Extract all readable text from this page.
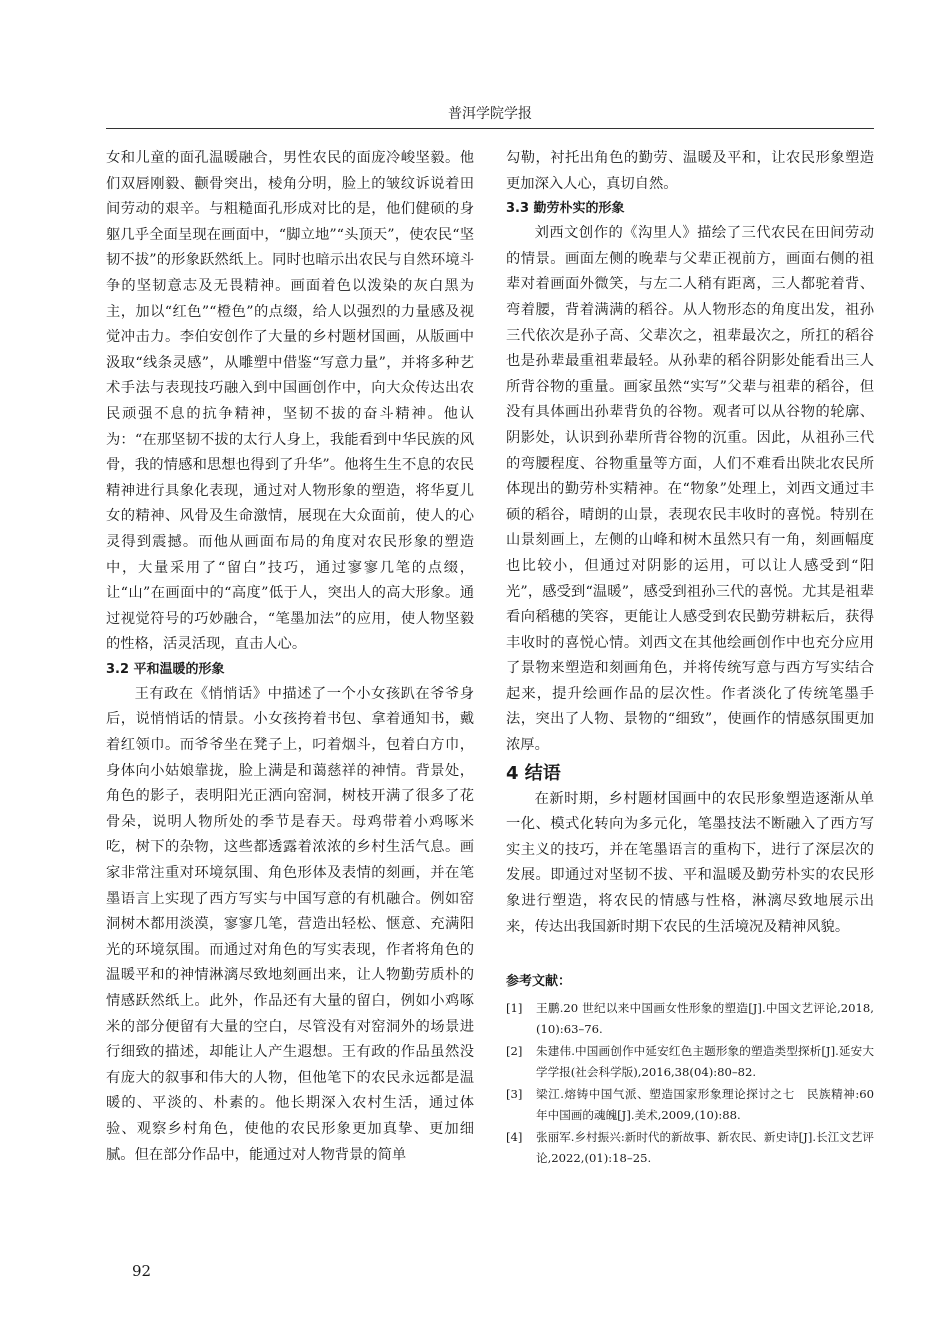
普洱学院学报

女和儿童的面孔温暖融合，男性农民的面庞冷峻坚毅。他们双唇刚毅、颧骨突出，棱角分明，脸上的皱纹诉说着田间劳动的艰辛。与粗糙面孔形成对比的是，他们健硕的身躯几乎全面呈现在画面中，“脚立地”“头顶天”，使农民“坚韧不拔”的形象跃然纸上。同时也暗示出农民与自然环境斗争的坚韧意志及无畏精神。画面着色以泼染的灰白黑为主，加以“红色”“橙色”的点缀，给人以强烈的力量感及视觉冲击力。李伯安创作了大量的乡村题材国画，从版画中汲取“线条灵感”，从雕塑中借鉴“写意力量”，并将多种艺术手法与表现技巧融入到中国画创作中，向大众传达出农民顽强不息的抗争精神，坚韧不拔的奋斗精神。他认为：“在那坚韧不拔的太行人身上，我能看到中华民族的风骨，我的情感和思想也得到了升华”。他将生生不息的农民精神进行具象化表现，通过对人物形象的塑造，将华夏儿女的精神、风骨及生命激情，展现在大众面前，使人的心灵得到震撼。而他从画面布局的角度对农民形象的塑造中，大量采用了“留白”技巧，通过寥寥几笔的点缀，让“山”在画面中的“高度”低于人，突出人的高大形象。通过视觉符号的巧妙融合，“笔墨加法”的应用，使人物坚毅的性格，活灵活现，直击人心。

3.2 平和温暖的形象

王有政在《悄悄话》中描述了一个小女孩趴在爷爷身后，说悄悄话的情景。小女孩挎着书包、拿着通知书，戴着红领巾。而爷爷坐在凳子上，叼着烟斗，包着白方巾，身体向小姑娘靠拢，脸上满是和蔼慈祥的神情。背景处，角色的影子，表明阳光正洒向窑洞，树枝开满了很多了花骨朵，说明人物所处的季节是春天。母鸡带着小鸡啄米吃，树下的杂物，这些都透露着浓浓的乡村生活气息。画家非常注重对环境氛围、角色形体及表情的刻画，并在笔墨语言上实现了西方写实与中国写意的有机融合。例如窑洞树木都用淡漠，寥寥几笔，营造出轻松、惬意、充满阳光的环境氛围。而通过对角色的写实表现，作者将角色的温暖平和的神情淋漓尽致地刻画出来，让人物勤劳质朴的情感跃然纸上。此外，作品还有大量的留白，例如小鸡啄米的部分便留有大量的空白，尽管没有对窑洞外的场景进行细致的描述，却能让人产生遐想。王有政的作品虽然没有庞大的叙事和伟大的人物，但他笔下的农民永远都是温暖的、平淡的、朴素的。他长期深入农村生活，通过体验、观察乡村角色，使他的农民形象更加真挚、更加细腻。但在部分作品中，能通过对人物背景的简单

勾勒，衬托出角色的勤劳、温暖及平和，让农民形象塑造更加深入人心，真切自然。

3.3 勤劳朴实的形象

刘西文创作的《沟里人》描绘了三代农民在田间劳动的情景。画面左侧的晚辈与父辈正视前方，画面右侧的祖辈对着画面外微笑，与左二人稍有距离，三人都驼着背、弯着腰，背着满满的稻谷。从人物形态的角度出发，祖孙三代依次是孙子高、父辈次之，祖辈最次之，所扛的稻谷也是孙辈最重祖辈最轻。从孙辈的稻谷阴影处能看出三人所背谷物的重量。画家虽然“实写”父辈与祖辈的稻谷，但没有具体画出孙辈背负的谷物。观者可以从谷物的轮廓、阴影处，认识到孙辈所背谷物的沉重。因此，从祖孙三代的弯腰程度、谷物重量等方面，人们不难看出陕北农民所体现出的勤劳朴实精神。在“物象”处理上，刘西文通过丰硕的稻谷，晴朗的山景，表现农民丰收时的喜悦。特别在山景刻画上，左侧的山峰和树木虽然只有一角，刻画幅度也比较小，但通过对阴影的运用，可以让人感受到“阳光”，感受到“温暖”，感受到祖孙三代的喜悦。尤其是祖辈看向稻穗的笑容，更能让人感受到农民勤劳耕耘后，获得丰收时的喜悦心情。刘西文在其他绘画创作中也充分应用了景物来塑造和刻画角色，并将传统写意与西方写实结合起来，提升绘画作品的层次性。作者淡化了传统笔墨手法，突出了人物、景物的“细致”，使画作的情感氛围更加浓厚。

4 结语

在新时期，乡村题材国画中的农民形象塑造逐渐从单一化、模式化转向为多元化，笔墨技法不断融入了西方写实主义的技巧，并在笔墨语言的重构下，进行了深层次的发展。即通过对坚韧不拔、平和温暖及勤劳朴实的农民形象进行塑造，将农民的情感与性格，淋漓尽致地展示出来，传达出我国新时期下农民的生活境况及精神风貌。

参考文献：
[1]	王鹏.20 世纪以来中国画女性形象的塑造[J].中国文艺评论,2018,(10):63–76.
[2]	朱建伟.中国画创作中延安红色主题形象的塑造类型探析[J].延安大学学报(社会科学版),2016,38(04):80–82.
[3]	梁江.熔铸中国气派、塑造国家形象理论探讨之七　民族精神:60 年中国画的魂魄[J].美术,2009,(10):88.
[4]	张丽军.乡村振兴:新时代的新故事、新农民、新史诗[J].长江文艺评论,2022,(01):18–25.
92
